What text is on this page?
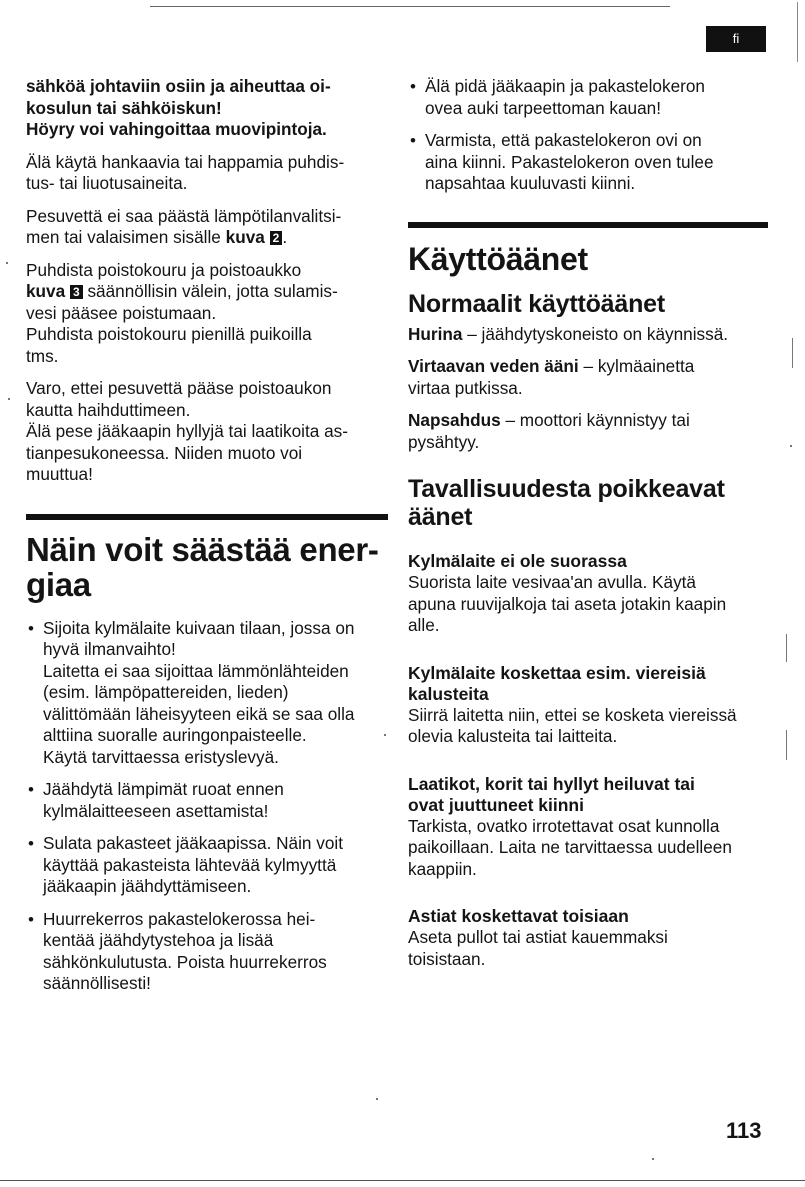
fi

sähköä johtaviin osiin ja aiheuttaa oi-

kosulun tai sähköiskun!

Höyry voi vahingoittaa muovipintoja.

Älä käytä hankaavia tai happamia puhdis-

tus- tai liuotusaineita.

Pesuvettä ei saa päästä lämpötilanvalitsi-

men tai valaisimen sisälle kuva 2 .

Puhdista poistokouru ja poistoaukko

kuva 3 säännöllisin välein, jotta sulamis-

vesi pääsee poistumaan.

Puhdista poistokouru pienillä puikoilla

tms.

Varo, ettei pesuvettä pääse poistoaukon

kautta haihduttimeen.

Älä pese jääkaapin hyllyjä tai laatikoita as-

tianpesukoneessa. Niiden muoto voi

muuttua!

Näin voit säästää ener-
giaa

• Sijoita kylmälaite kuivaan tilaan, jossa on

hyvä ilmanvaihto!

Laitetta ei saa sijoittaa lämmönlähteiden

(esim. lämpöpattereiden, lieden)

välittömään läheisyyteen eikä se saa olla

alttiina suoralle auringonpaisteelle.

Käytä tarvittaessa eristyslevyä.

• Jäähdytä lämpimät ruoat ennen

kylmälaitteeseen asettamista!

• Sulata pakasteet jääkaapissa. Näin voit

käyttää pakasteista lähtevää kylmyyttä

jääkaapin jäähdyttämiseen.

• Huurrekerros pakastelokerossa hei-

kentää jäähdytystehoa ja lisää

sähkönkulutusta. Poista huurrekerros

säännöllisesti!

• Älä pidä jääkaapin ja pakastelokeron

ovea auki tarpeettoman kauan!

• Varmista, että pakastelokeron ovi on

aina kiinni. Pakastelokeron oven tulee

napsahtaa kuuluvasti kiinni.

Käyttöäänet
Normaalit käyttöäänet

Hurina – jäähdytyskoneisto on käynnissä.

Virtaavan veden ääni – kylmäainetta

virtaa putkissa.

Napsahdus – moottori käynnistyy tai

pysähtyy.

Tavallisuudesta poikkeavat
äänet
Kylmälaite ei ole suorassa

Suorista laite vesivaa'an avulla. Käytä

apuna ruuvijalkoja tai aseta jotakin kaapin

alle.

Kylmälaite koskettaa esim. viereisiä
kalusteita

Siirrä laitetta niin, ettei se kosketa viereissä

olevia kalusteita tai laitteita.

Laatikot, korit tai hyllyt heiluvat tai
ovat juuttuneet kiinni

Tarkista, ovatko irrotettavat osat kunnolla

paikoillaan. Laita ne tarvittaessa uudelleen

kaappiin.

Astiat koskettavat toisiaan

Aseta pullot tai astiat kauemmaksi

toisistaan.

113
